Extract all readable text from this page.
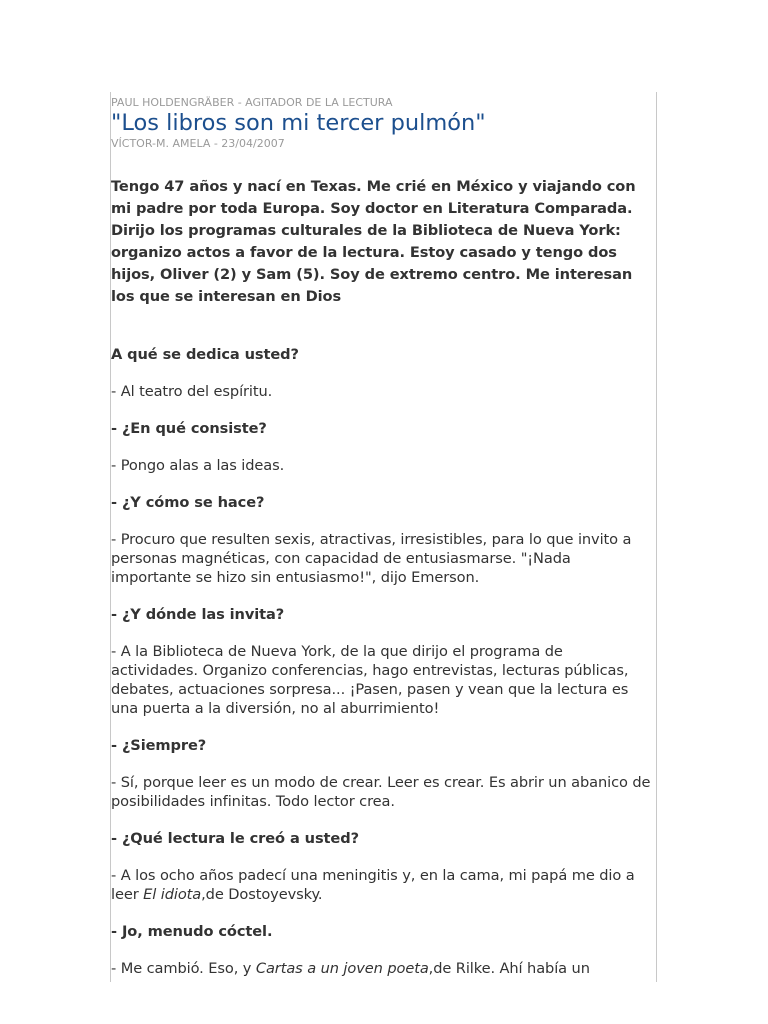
PAUL HOLDENGRÄBER - AGITADOR DE LA LECTURA

"Los libros son mi tercer pulmón"

VÍCTOR-M. AMELA - 23/04/2007

Tengo 47 años y nací en Texas. Me crié en México y viajando con mi padre por toda Europa. Soy doctor en Literatura Comparada. Dirijo los programas culturales de la Biblioteca de Nueva York: organizo actos a favor de la lectura. Estoy casado y tengo dos hijos, Oliver (2) y Sam (5). Soy de extremo centro. Me interesan los que se interesan en Dios

A qué se dedica usted?

- Al teatro del espíritu.

- ¿En qué consiste?

- Pongo alas a las ideas.

- ¿Y cómo se hace?

- Procuro que resulten sexis, atractivas, irresistibles, para lo que invito a personas magnéticas, con capacidad de entusiasmarse. "¡Nada importante se hizo sin entusiasmo!", dijo Emerson.

- ¿Y dónde las invita?

- A la Biblioteca de Nueva York, de la que dirijo el programa de actividades. Organizo conferencias, hago entrevistas, lecturas públicas, debates, actuaciones sorpresa... ¡Pasen, pasen y vean que la lectura es una puerta a la diversión, no al aburrimiento!

- ¿Siempre?

- Sí, porque leer es un modo de crear. Leer es crear. Es abrir un abanico de posibilidades infinitas. Todo lector crea.

- ¿Qué lectura le creó a usted?

- A los ocho años padecí una meningitis y, en la cama, mi papá me dio a leer El idiota,de Dostoyevsky.

- Jo, menudo cóctel.

- Me cambió. Eso, y Cartas a un joven poeta,de Rilke. Ahí había un
